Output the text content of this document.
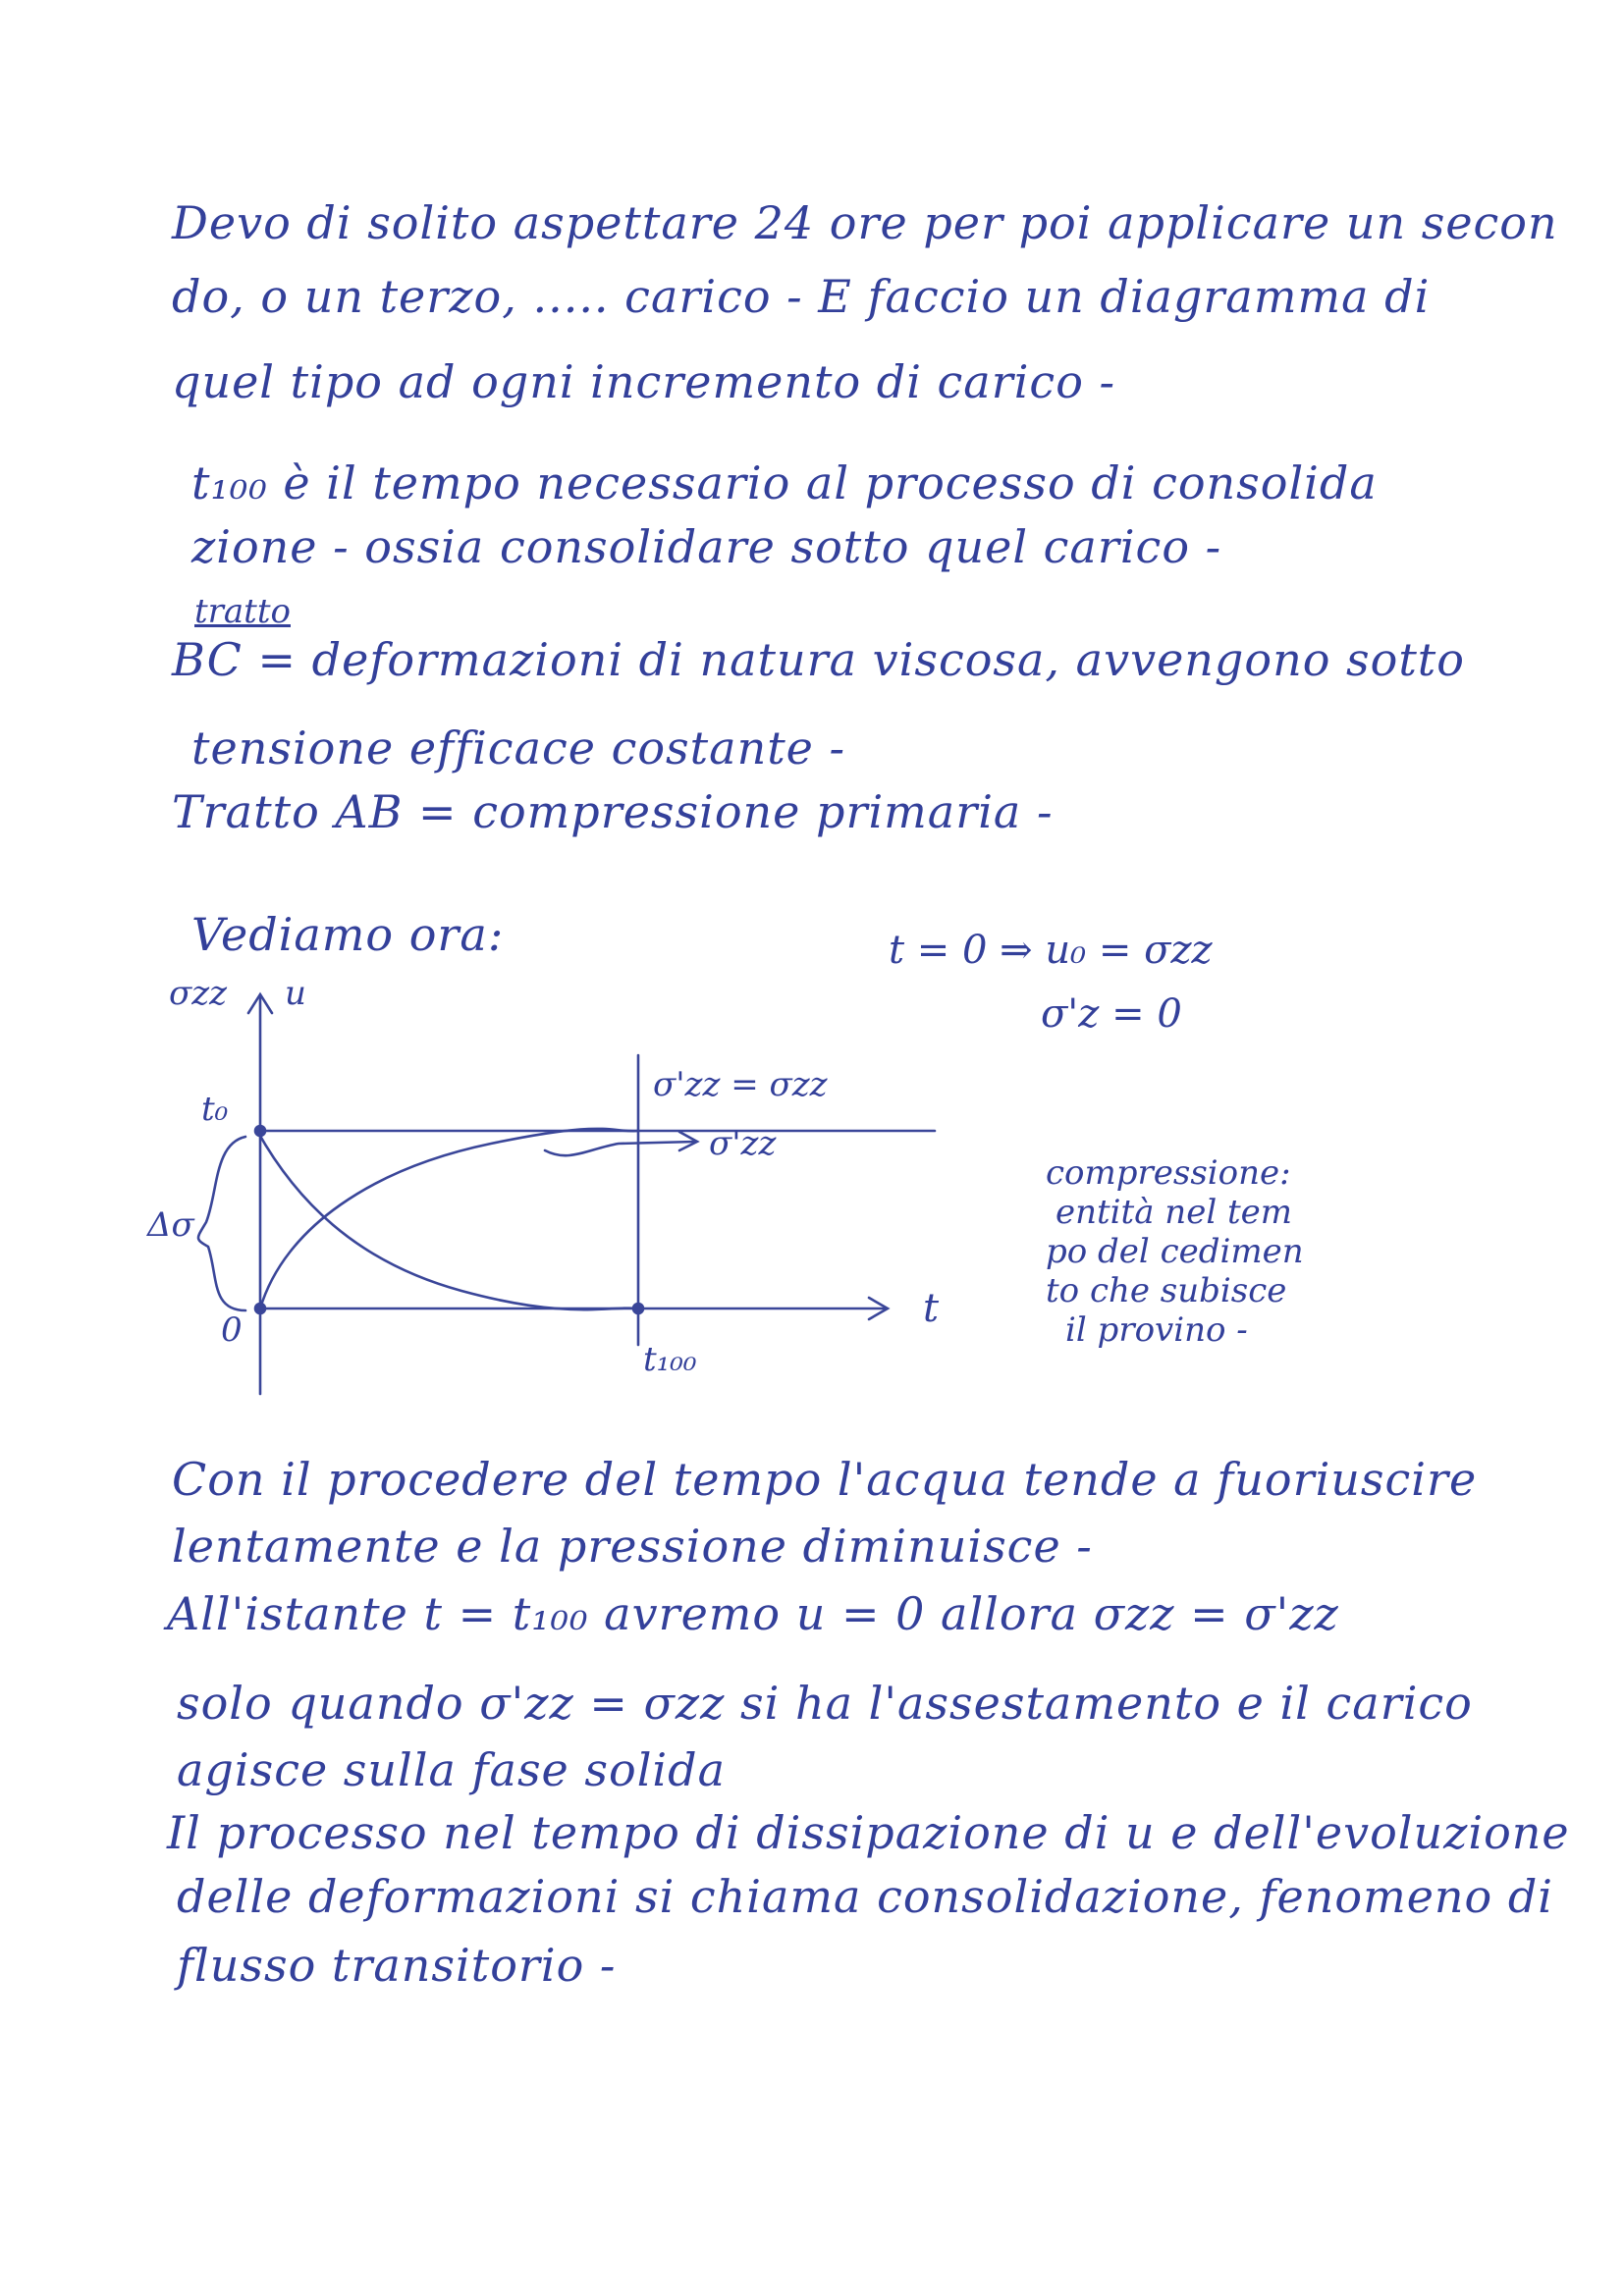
Devo di solito aspettare 24 ore per poi applicare un secon
do, o un terzo, ..... carico - E faccio un diagramma di
quel tipo ad ogni incremento di carico -
t₁₀₀ è il tempo necessario al processo di consolida
zione - ossia consolidare sotto quel carico -
tratto
BC = deformazioni di natura viscosa, avvengono sotto
tensione efficace costante -
Tratto AB = compressione primaria -
Vediamo ora:	t = 0 ⇒ u₀ = σzz
σ'z = 0
σzz u
t₀
0
Δσ
t₁₀₀
t
σ'zz = σzz
σ'zz
compressione:
entità nel tem
po del cedimen
to che subisce
il provino -
Con il procedere del tempo l'acqua tende a fuoriuscire
lentamente e la pressione diminuisce -
All'istante t = t₁₀₀ avremo u = 0 allora σzz = σ'zz
solo quando σ'zz = σzz si ha l'assestamento e il carico
agisce sulla fase solida
Il processo nel tempo di dissipazione di u e dell'evoluzione
delle deformazioni si chiama consolidazione, fenomeno di
flusso transitorio -
